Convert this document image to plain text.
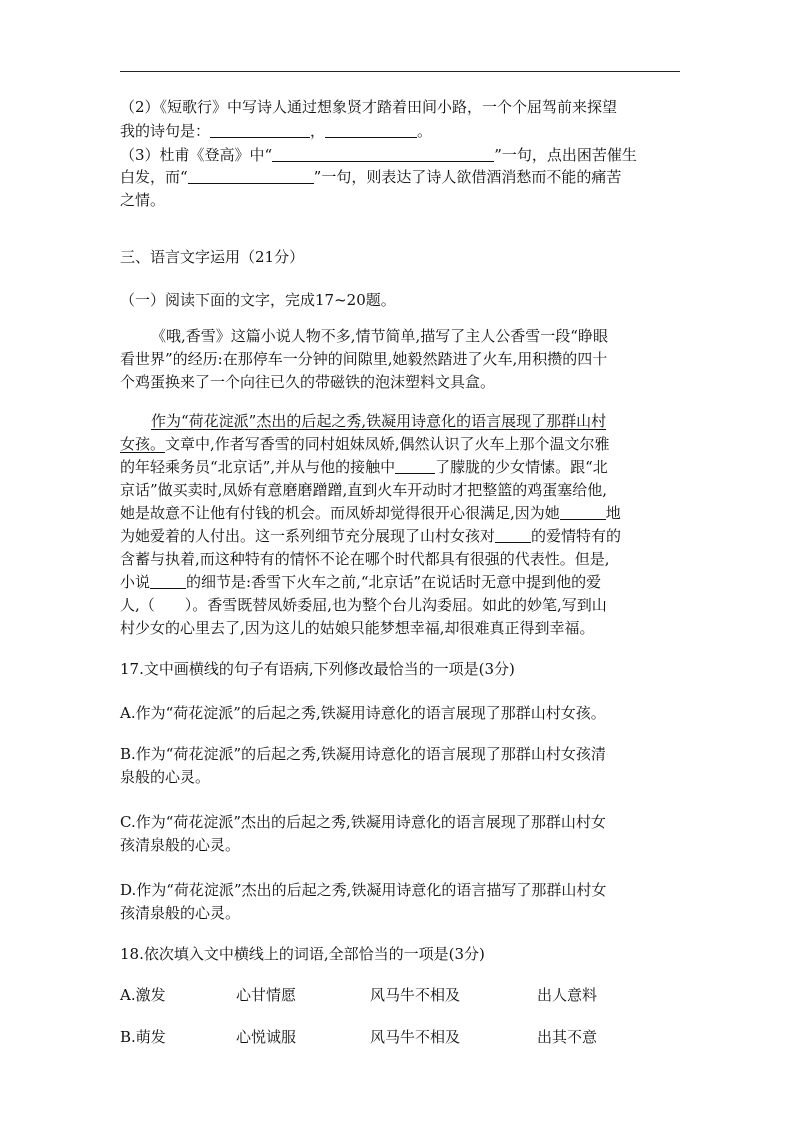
（2）《短歌行》中写诗人通过想象贤才踏着田间小路，一个个屈驾前来探望
我的诗句是：	，	。
（3）杜甫《登高》中“	”一句，点出困苦催生
白发，而“	”一句，则表达了诗人欲借酒消愁而不能的痛苦
之情。
三、语言文字运用（21分）
（一）阅读下面的文字，完成17~20题。
《哦,香雪》这篇小说人物不多,情节简单,描写了主人公香雪一段“睁眼
看世界”的经历:在那停车一分钟的间隙里,她毅然踏进了火车,用积攒的四十
个鸡蛋换来了一个向往已久的带磁铁的泡沫塑料文具盒。
作为“荷花淀派”杰出的后起之秀,铁凝用诗意化的语言展现了那群山村
女孩。文章中,作者写香雪的同村姐妹凤娇,偶然认识了火车上那个温文尔雅
的年轻乘务员“北京话”,并从与他的接触中	了朦胧的少女情愫。跟“北
京话”做买卖时,凤娇有意磨磨蹭蹭,直到火车开动时才把整篮的鸡蛋塞给他,
她是故意不让他有付钱的机会。而凤娇却觉得很开心很满足,因为她	地
为她爱着的人付出。这一系列细节充分展现了山村女孩对 的爱情特有的
含蓄与执着,而这种特有的情怀不论在哪个时代都具有很强的代表性。但是,
小说 的细节是:香雪下火车之前,“北京话”在说话时无意中提到他的爱
人,（　　）。香雪既替凤娇委屈,也为整个台儿沟委屈。如此的妙笔,写到山
村少女的心里去了,因为这儿的姑娘只能梦想幸福,却很难真正得到幸福。
17.文中画横线的句子有语病,下列修改最恰当的一项是(3分)
A.作为“荷花淀派”的后起之秀,铁凝用诗意化的语言展现了那群山村女孩。
B.作为“荷花淀派”的后起之秀,铁凝用诗意化的语言展现了那群山村女孩清
泉般的心灵。
C.作为“荷花淀派”杰出的后起之秀,铁凝用诗意化的语言展现了那群山村女
孩清泉般的心灵。
D.作为“荷花淀派”杰出的后起之秀,铁凝用诗意化的语言描写了那群山村女
孩清泉般的心灵。
18.依次填入文中横线上的词语,全部恰当的一项是(3分)
A.激发	心甘情愿	风马牛不相及	出人意料
B.萌发	心悦诚服	风马牛不相及	出其不意
